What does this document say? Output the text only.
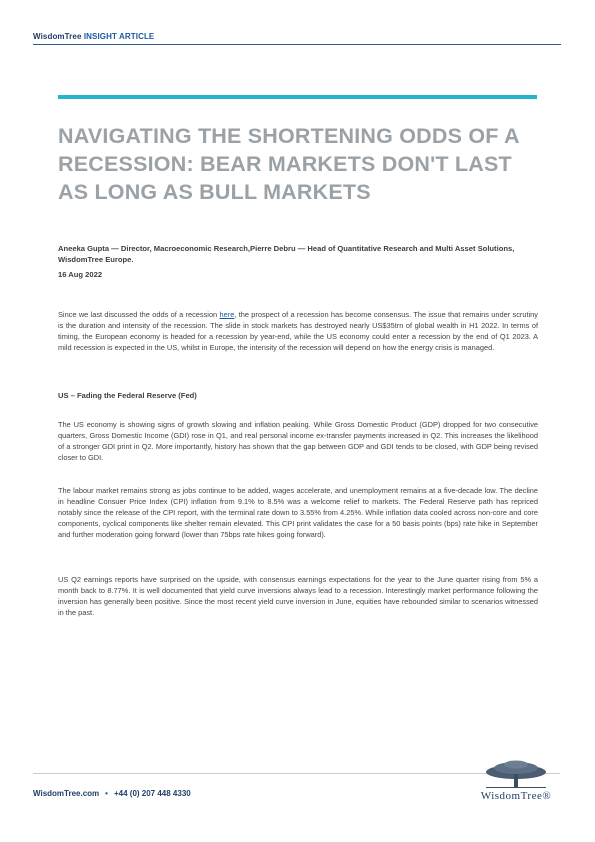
WisdomTree INSIGHT ARTICLE
NAVIGATING THE SHORTENING ODDS OF A RECESSION: BEAR MARKETS DON'T LAST AS LONG AS BULL MARKETS
Aneeka Gupta — Director, Macroeconomic Research,Pierre Debru — Head of Quantitative Research and Multi Asset Solutions, WisdomTree Europe.
16 Aug 2022

Since we last discussed the odds of a recession here, the prospect of a recession has become consensus. The issue that remains under scrutiny is the duration and intensity of the recession. The slide in stock markets has destroyed nearly US$35trn of global wealth in H1 2022. In terms of timing, the European economy is headed for a recession by year-end, while the US economy could enter a recession by the end of Q1 2023. A mild recession is expected in the US, whilst in Europe, the intensity of the recession will depend on how the energy crisis is managed.

US – Fading the Federal Reserve (Fed)

The US economy is showing signs of growth slowing and inflation peaking. While Gross Domestic Product (GDP) dropped for two consecutive quarters, Gross Domestic Income (GDI) rose in Q1, and real personal income ex-transfer payments increased in Q2. This increases the likelihood of a stronger GDI print in Q2. More importantly, history has shown that the gap between GDP and GDI tends to be closed, with GDP being revised closer to GDI.

The labour market remains strong as jobs continue to be added, wages accelerate, and unemployment remains at a five-decade low. The decline in headline Consuer Price Index (CPI) inflation from 9.1% to 8.5% was a welcome relief to markets. The Federal Reserve path has repriced notably since the release of the CPI report, with the terminal rate down to 3.55% from 4.25%. While inflation data cooled across non-core and core components, cyclical components like shelter remain elevated. This CPI print validates the case for a 50 basis points (bps) rate hike in September and further moderation going forward (lower than 75bps rate hikes going forward).

US Q2 earnings reports have surprised on the upside, with consensus earnings expectations for the year to the June quarter rising from 5% a month back to 8.77%. It is well documented that yield curve inversions always lead to a recession. Interestingly market performance following the inversion has generally been positive. Since the most recent yield curve inversion in June, equities have rebounded similar to scenarios witnessed in the past.

WisdomTree.com • +44 (0) 207 448 4330	WisdomTree®
